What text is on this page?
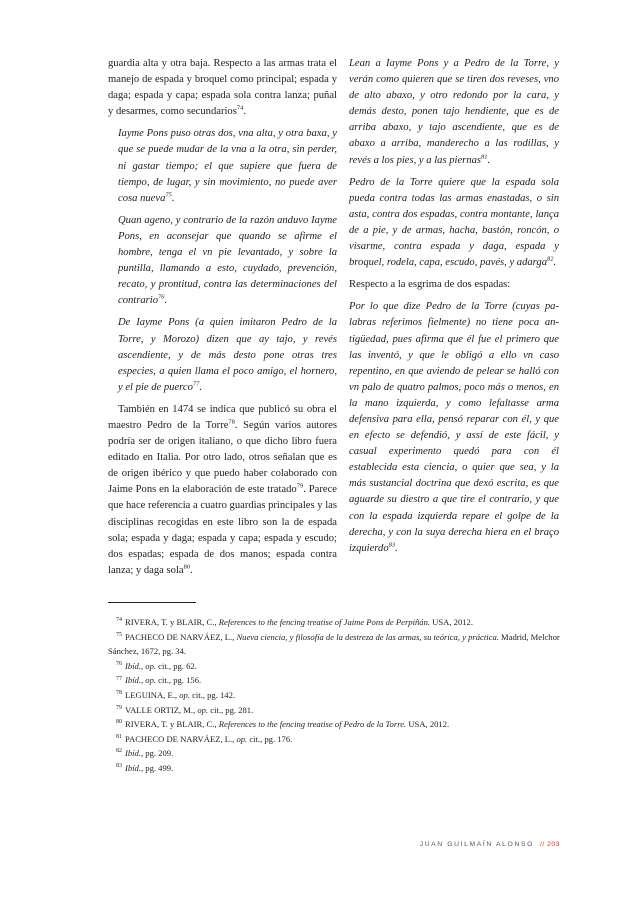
guardia alta y otra baja. Respecto a las armas trata el manejo de espada y broquel como principal; espada y daga; espada y capa; espada sola contra lanza; puñal y desarmes, como secundarios$^{74}$.

Iayme Pons puso otras dos, vna alta, y otra baxa, y que se puede mudar de la vna a la otra, sin perder, ni gastar tiempo; el que supiere que fuera de tiempo, de lugar, y sin movimiento, no puede aver cosa nueva$^{75}$.

Quan ageno, y contrario de la razón anduvo Iayme Pons, en aconsejar que quando se afirme el hombre, tenga el vn pie levantado, y sobre la puntilla, llamando a esto, cuydado, prevención, recato, y prontitud, contra las determinaciones del contrario$^{76}$.

De Iayme Pons (a quien imitaron Pedro de la Torre, y Morozo) dizen que ay tajo, y revés ascendiente, y de más desto pone otras tres especies, a quien llama el poco amigo, el hornero, y el pie de puerco$^{77}$.

También en 1474 se indica que publicó su obra el maestro Pedro de la Torre$^{78}$. Según varios autores podría ser de origen italiano, o que dicho libro fuera editado en Italia. Por otro lado, otros señalan que es de origen ibérico y que puedo haber colaborado con Jaime Pons en la elaboración de este tratado$^{79}$. Parece que hace referencia a cuatro guardias principales y las disciplinas recogidas en este libro son la de espada sola; espada y daga; espada y capa; espada y escudo; dos espadas; espada de dos manos; espada contra lanza; y daga sola$^{80}$.

Lean a Iayme Pons y a Pedro de la Torre, y verán como quieren que se tiren dos reveses, vno de alto abaxo, y otro redondo por la cara, y demás desto, ponen tajo hendiente, que es de arriba abaxo, y tajo ascendiente, que es de abaxo a arriba, manderecho a las rodillas, y revés a los pies, y a las piernas$^{81}$.

Pedro de la Torre quiere que la espada sola pueda contra todas las armas enastadas, o sin asta, contra dos espadas, contra montante, lança de a pie, y de armas, hacha, bastón, roncón, o visarme, contra espada y daga, espada y broquel, rodela, capa, escudo, pavés, y adarga$^{82}$.

Respecto a la esgrima de dos espadas:

Por lo que dize Pedro de la Torre (cuyas palabras referimos fielmente) no tiene poca antigüedad, pues afirma que él fue el primero que las inventó, y que le obligó a ello vn caso repentino, en que aviendo de pelear se halló con vn palo de quatro palmos, poco más o menos, en la mano izquierda, y como lefaltasse arma defensiva para ella, pensó reparar con él, y que en efecto se defendió, y assí de este fácil, y casual experimento quedó para con él establecida esta ciencia, o quier que sea, y la más sustancial doctrina que dexó escrita, es que aguarde su diestro a que tire el contrario, y que con la espada izquierda repare el golpe de la derecha, y con la suya derecha hiera en el braço izquierdo$^{83}$.

$^{74}$ RIVERA, T. y BLAIR, C., References to the fencing treatise of Jaime Pons de Perpiñán. USA, 2012.

$^{75}$ PACHECO DE NARVÁEZ, L., Nueva ciencia, y filosofía de la destreza de las armas, su teórica, y práctica. Madrid, Melchor Sánchez, 1672, pg. 34.

$^{76}$ Ibíd., op. cit., pg. 62.

$^{77}$ Ibíd., op. cit., pg. 156.

$^{78}$ LEGUINA, E., op. cit., pg. 142.

$^{79}$ VALLE ORTIZ, M., op. cit., pg. 281.

$^{80}$ RIVERA, T. y BLAIR, C., References to the fencing treatise of Pedro de la Torre. USA, 2012.

$^{81}$ PACHECO DE NARVÁEZ, L., op. cit., pg. 176.

$^{82}$ Ibíd., pg. 209.

$^{83}$ Ibíd., pg. 499.

JUAN GUILMAÍN ALONSO // 203
